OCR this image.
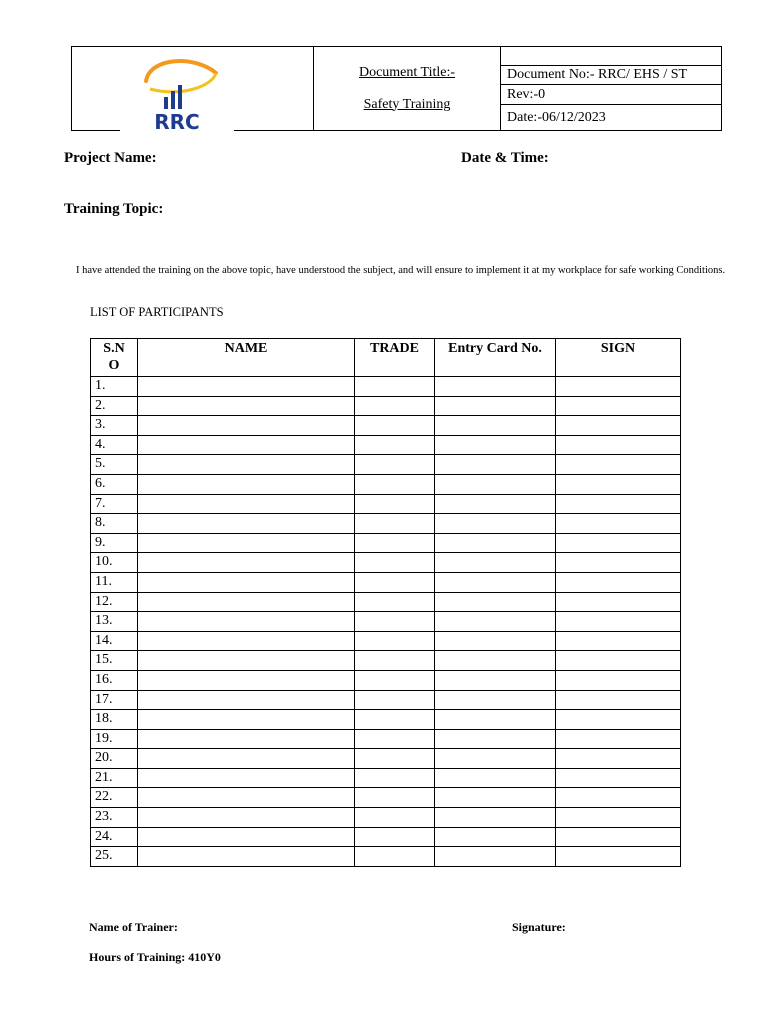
RRC

Document Title:-
Safety Training

Document No:- RRC/ EHS / ST
Rev:-0
Date:-06/12/2023
Project Name:	Date & Time:
Training Topic:
I have attended the training on the above topic, have understood the subject, and will ensure to implement it at my workplace for safe working Conditions.
LIST OF PARTICIPANTS
S.N O	NAME	TRADE	Entry Card No.	SIGN
1.				
2.				
3.				
4.				
5.				
6.				
7.				
8.				
9.				
10.				
11.				
12.				
13.				
14.				
15.				
16.				
17.				
18.				
19.				
20.				
21.				
22.				
23.				
24.				
25.				
Name of Trainer:	Signature:
Hours of Training: 410Y0
